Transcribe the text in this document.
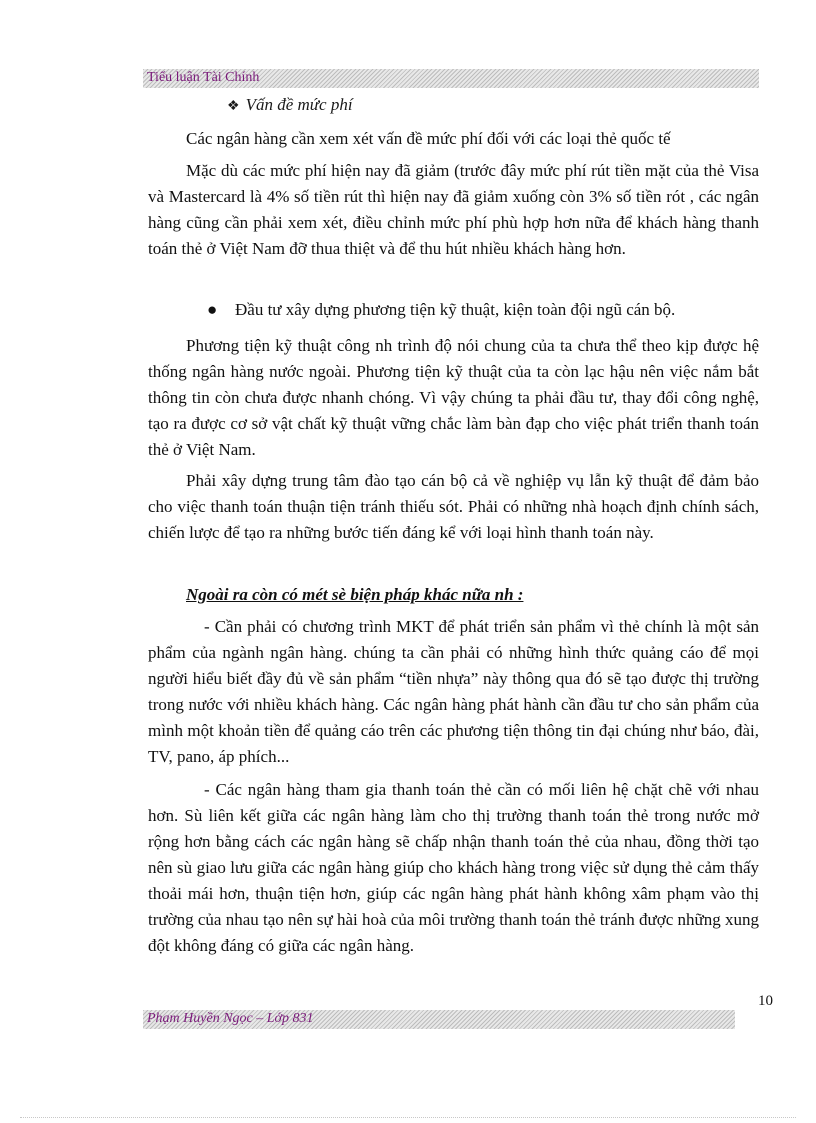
Tiểu luận Tài Chính
❖ Vấn đề mức phí
Các ngân hàng cần xem xét vấn đề mức phí đối với các loại thẻ quốc tế
Mặc dù các mức phí hiện nay đã giảm (trước đây mức phí rút tiền mặt của thẻ Visa và Mastercard là 4% số tiền rút thì hiện nay đã giảm xuống còn 3% số tiền rót , các ngân hàng cũng cần phải xem xét, điều chỉnh mức phí phù hợp hơn nữa để khách hàng thanh toán thẻ ở Việt Nam đỡ thua thiệt và để thu hút nhiều khách hàng hơn.
● Đầu tư xây dựng phương tiện kỹ thuật, kiện toàn đội ngũ cán bộ.
Phương tiện kỹ thuật công nh trình độ nói chung của ta chưa thể theo kịp được hệ thống ngân hàng nước ngoài. Phương tiện kỹ thuật của ta còn lạc hậu nên việc nắm bắt thông tin còn chưa được nhanh chóng. Vì vậy chúng ta phải đầu tư, thay đổi công nghệ, tạo ra được cơ sở vật chất kỹ thuật vững chắc làm bàn đạp cho việc phát triển thanh toán thẻ ở Việt Nam.
Phải xây dựng trung tâm đào tạo cán bộ cả về nghiệp vụ lẫn kỹ thuật để đảm bảo cho việc thanh toán thuận tiện tránh thiếu sót. Phải có những nhà hoạch định chính sách, chiến lược để tạo ra những bước tiến đáng kể với loại hình thanh toán này.
Ngoài ra còn có mét sè biện pháp khác nữa nh :
- Cần phải có chương trình MKT để phát triển sản phẩm vì thẻ chính là một sản phẩm của ngành ngân hàng. chúng ta cần phải có những hình thức quảng cáo để mọi người hiểu biết đầy đủ về sản phẩm “tiền nhựa” này thông qua đó sẽ tạo được thị trường trong nước với nhiều khách hàng. Các ngân hàng phát hành cần đầu tư cho sản phẩm của mình một khoản tiền để quảng cáo trên các phương tiện thông tin đại chúng như báo, đài, TV, pano, áp phích...
- Các ngân hàng tham gia thanh toán thẻ cần có mối liên hệ chặt chẽ với nhau hơn. Sù liên kết giữa các ngân hàng làm cho thị trường thanh toán thẻ trong nước mở rộng hơn bằng cách các ngân hàng sẽ chấp nhận thanh toán thẻ của nhau, đồng thời tạo nên sù giao lưu giữa các ngân hàng giúp cho khách hàng trong việc sử dụng thẻ cảm thấy thoải mái hơn, thuận tiện hơn, giúp các ngân hàng phát hành không xâm phạm vào thị trường của nhau tạo nên sự hài hoà của môi trường thanh toán thẻ tránh được những xung đột không đáng có giữa các ngân hàng.
10
Phạm Huyền Ngọc – Lớp 831
